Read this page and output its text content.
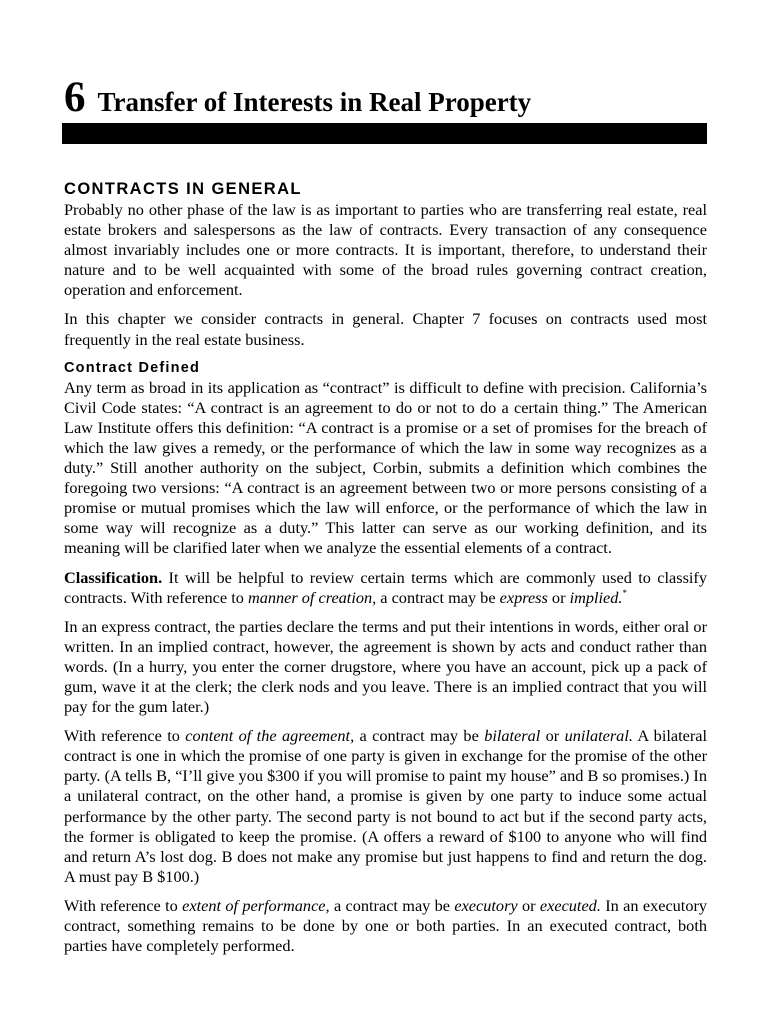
6 Transfer of Interests in Real Property
CONTRACTS IN GENERAL

Probably no other phase of the law is as important to parties who are transferring real estate, real estate brokers and salespersons as the law of contracts. Every transaction of any consequence almost invariably includes one or more contracts. It is important, therefore, to understand their nature and to be well acquainted with some of the broad rules governing contract creation, operation and enforcement.

In this chapter we consider contracts in general. Chapter 7 focuses on contracts used most frequently in the real estate business.

Contract Defined

Any term as broad in its application as “contract” is difficult to define with precision. California’s Civil Code states: “A contract is an agreement to do or not to do a certain thing.” The American Law Institute offers this definition: “A contract is a promise or a set of promises for the breach of which the law gives a remedy, or the performance of which the law in some way recognizes as a duty.” Still another authority on the subject, Corbin, submits a definition which combines the foregoing two versions: “A contract is an agreement between two or more persons consisting of a promise or mutual promises which the law will enforce, or the performance of which the law in some way will recognize as a duty.” This latter can serve as our working definition, and its meaning will be clarified later when we analyze the essential elements of a contract.

Classification. It will be helpful to review certain terms which are commonly used to classify contracts. With reference to manner of creation, a contract may be express or implied.*

In an express contract, the parties declare the terms and put their intentions in words, either oral or written. In an implied contract, however, the agreement is shown by acts and conduct rather than words. (In a hurry, you enter the corner drugstore, where you have an account, pick up a pack of gum, wave it at the clerk; the clerk nods and you leave. There is an implied contract that you will pay for the gum later.)

With reference to content of the agreement, a contract may be bilateral or unilateral. A bilateral contract is one in which the promise of one party is given in exchange for the promise of the other party. (A tells B, “I’ll give you $300 if you will promise to paint my house” and B so promises.) In a unilateral contract, on the other hand, a promise is given by one party to induce some actual performance by the other party. The second party is not bound to act but if the second party acts, the former is obligated to keep the promise. (A offers a reward of $100 to anyone who will find and return A’s lost dog. B does not make any promise but just happens to find and return the dog. A must pay B $100.)

With reference to extent of performance, a contract may be executory or executed. In an executory contract, something remains to be done by one or both parties. In an executed contract, both parties have completely performed.
